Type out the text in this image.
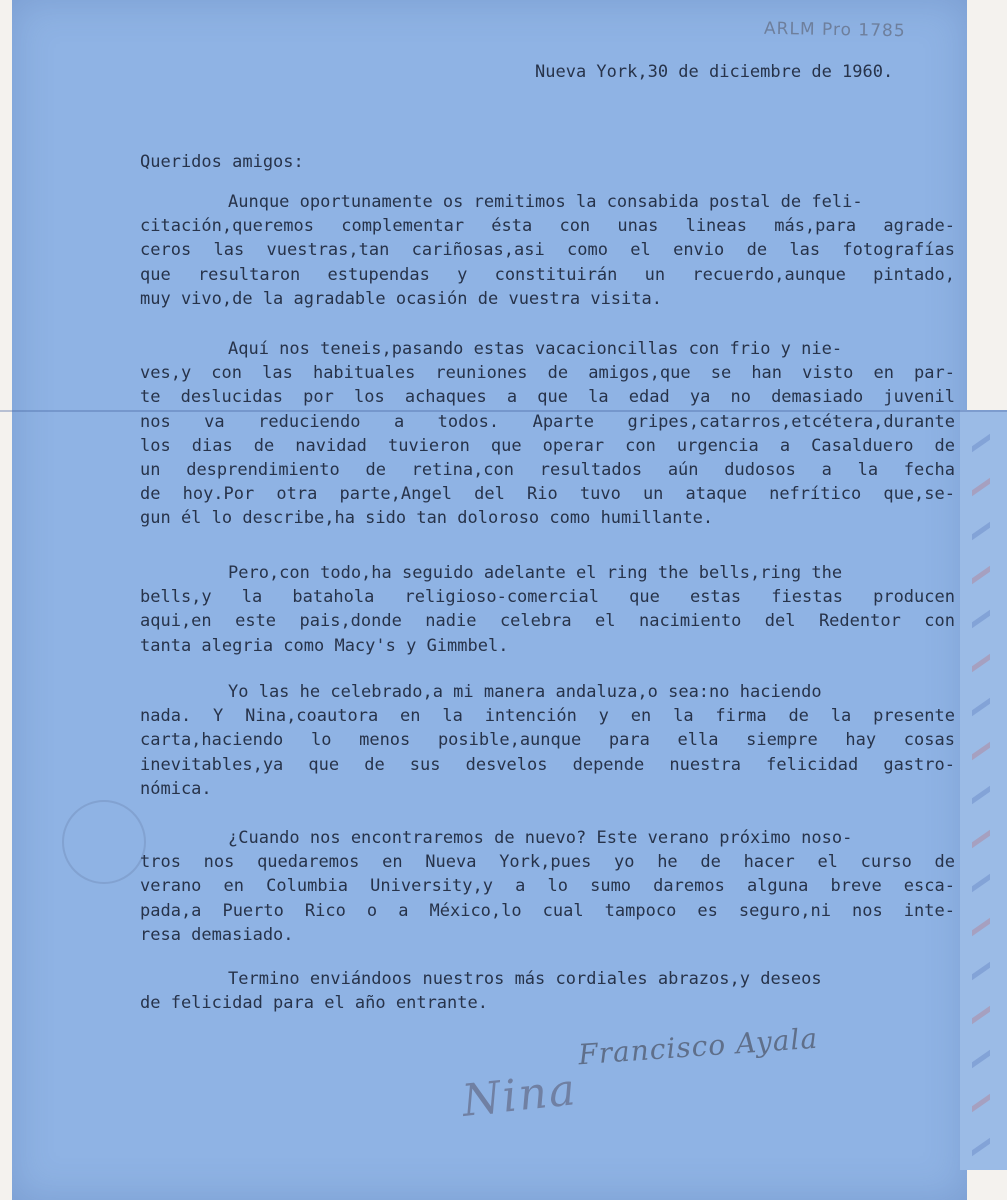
ARLM Pro 1785
Nueva York,30 de diciembre de 1960.
Queridos amigos:
Aunque oportunamente os remitimos la consabida postal de feli-
citación,queremos complementar ésta con unas lineas más,para agrade-
ceros las vuestras,tan cariñosas,asi como el envio de las fotografías
que resultaron estupendas y constituirán un recuerdo,aunque pintado,
muy vivo,de la agradable ocasión de vuestra visita.
Aquí nos teneis,pasando estas vacacioncillas con frio y nie-
ves,y con las habituales reuniones de amigos,que se han visto en par-
te deslucidas por los achaques a que la edad ya no demasiado juvenil
nos va reduciendo a todos. Aparte gripes,catarros,etcétera,durante
los dias de navidad tuvieron que operar con urgencia a Casalduero de
un desprendimiento de retina,con resultados aún dudosos a la fecha
de hoy.Por otra parte,Angel del Rio tuvo un ataque nefrítico que,se-
gun él lo describe,ha sido tan doloroso como humillante.
Pero,con todo,ha seguido adelante el ring the bells,ring the
bells,y la batahola religioso-comercial que estas fiestas producen
aqui,en este pais,donde nadie celebra el nacimiento del Redentor con
tanta alegria como Macy's y Gimmbel.
Yo las he celebrado,a mi manera andaluza,o sea:no haciendo
nada. Y Nina,coautora en la intención y en la firma de la presente
carta,haciendo lo menos posible,aunque para ella siempre hay cosas
inevitables,ya que de sus desvelos depende nuestra felicidad gastro-
nómica.
¿Cuando nos encontraremos de nuevo? Este verano próximo noso-
tros nos quedaremos en Nueva York,pues yo he de hacer el curso de
verano en Columbia University,y a lo sumo daremos alguna breve esca-
pada,a Puerto Rico o a México,lo cual tampoco es seguro,ni nos inte-
resa demasiado.
Termino enviándoos nuestros más cordiales abrazos,y deseos
de felicidad para el año entrante.
Francisco Ayala
Nina
